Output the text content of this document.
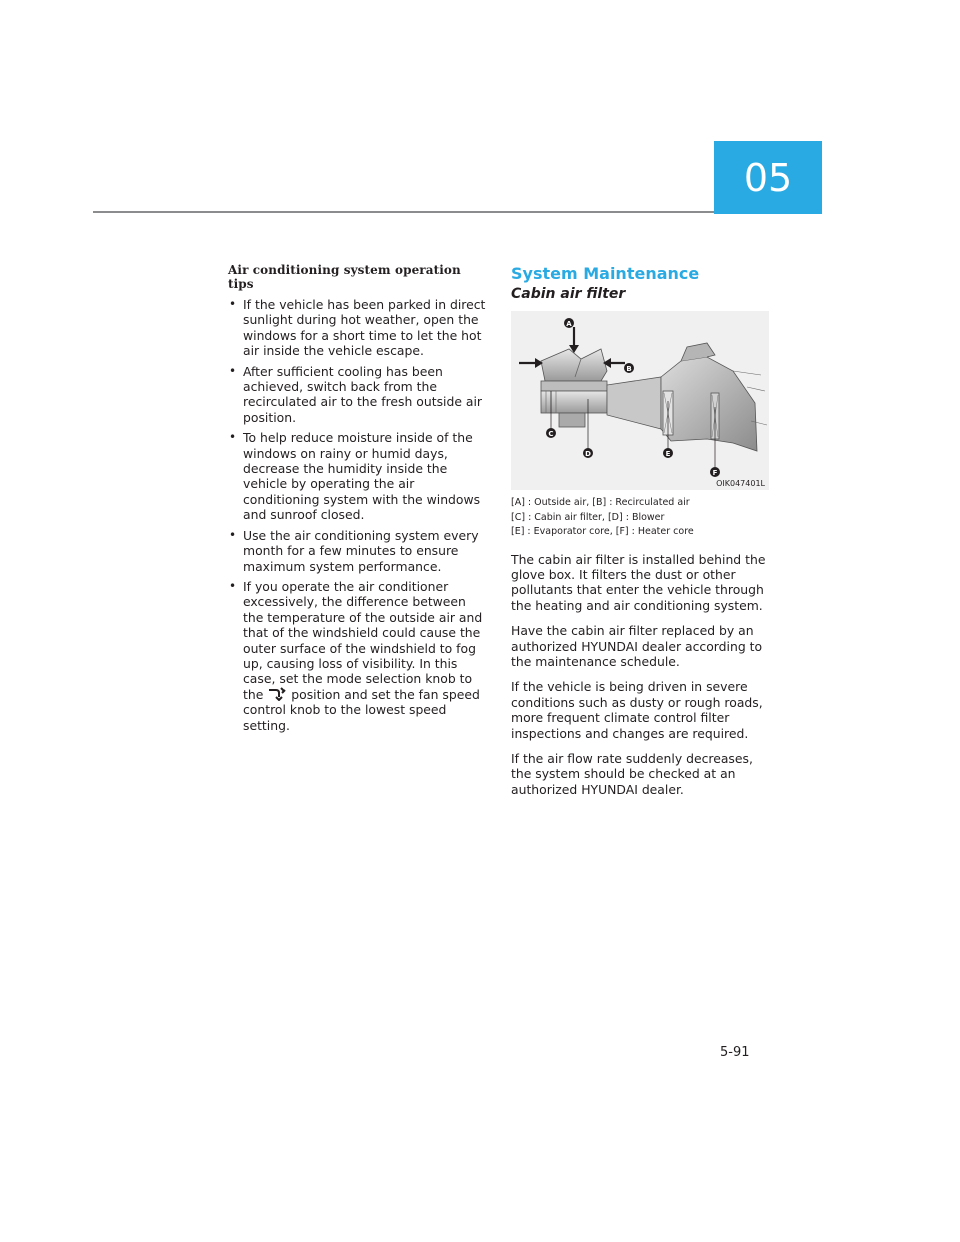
05
Air conditioning system operation tips
• If the vehicle has been parked in direct sunlight during hot weather, open the windows for a short time to let the hot air inside the vehicle escape.
• After sufficient cooling has been achieved, switch back from the recirculated air to the fresh outside air position.
• To help reduce moisture inside of the windows on rainy or humid days, decrease the humidity inside the vehicle by operating the air conditioning system with the windows and sunroof closed.
• Use the air conditioning system every month for a few minutes to ensure maximum system performance.
• If you operate the air conditioner excessively, the difference between the temperature of the outside air and that of the windshield could cause the outer surface of the windshield to fog up, causing loss of visibility. In this case, set the mode selection knob to the position and set the fan speed control knob to the lowest speed setting.
System Maintenance
Cabin air filter
A
B
C
D	E
F
OIK047401L
[A] : Outside air, [B] : Recirculated air
[C] : Cabin air filter, [D] : Blower
[E] : Evaporator core, [F] : Heater core

The cabin air filter is installed behind the glove box. It filters the dust or other pollutants that enter the vehicle through the heating and air conditioning system.

Have the cabin air filter replaced by an authorized HYUNDAI dealer according to the maintenance schedule.

If the vehicle is being driven in severe conditions such as dusty or rough roads, more frequent climate control filter inspections and changes are required.

If the air flow rate suddenly decreases, the system should be checked at an authorized HYUNDAI dealer.

5-91
